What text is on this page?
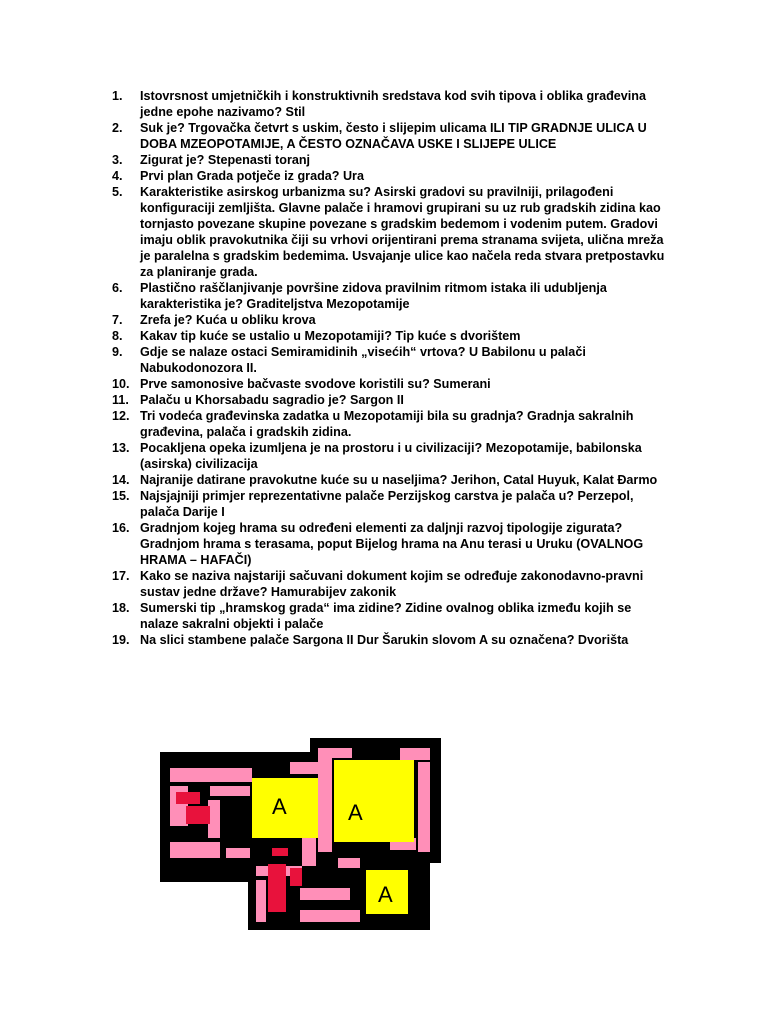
1.	Istovrsnost umjetničkih i konstruktivnih sredstava kod svih tipova i oblika građevina jedne epohe nazivamo? Stil
2.	Suk je? Trgovačka četvrt s uskim, često i slijepim ulicama ILI TIP GRADNJE ULICA U DOBA MZEOPOTAMIJE, A ČESTO OZNAČAVA USKE I SLIJEPE ULICE
3.	Zigurat je? Stepenasti toranj
4.	Prvi plan Grada potječe iz grada? Ura
5.	Karakteristike asirskog urbanizma su? Asirski gradovi su pravilniji, prilagođeni konfiguraciji zemljišta. Glavne palače i hramovi grupirani su uz rub gradskih zidina kao tornjasto povezane skupine povezane s gradskim bedemom i vodenim putem. Gradovi imaju oblik pravokutnika čiji su vrhovi orijentirani prema stranama svijeta, ulična mreža je paralelna s gradskim bedemima. Usvajanje ulice kao načela reda stvara pretpostavku za planiranje grada.
6.	Plastično raščlanjivanje površine zidova pravilnim ritmom istaka ili udubljenja karakteristika je? Graditeljstva Mezopotamije
7.	Zrefa je? Kuća u obliku krova
8.	Kakav tip kuće se ustalio u Mezopotamiji? Tip kuće s dvorištem
9.	Gdje se nalaze ostaci Semiramidinih „visećih“ vrtova? U Babilonu u palači Nabukodonozora II.
10. Prve samonosive bačvaste svodove koristili su? Sumerani
11. Palaču u Khorsabadu sagradio je? Sargon II
12. Tri vodeća građevinska zadatka u Mezopotamiji bila su gradnja? Gradnja sakralnih građevina, palača i gradskih zidina.
13. Pocakljena opeka izumljena je na prostoru i u civilizaciji? Mezopotamije, babilonska (asirska) civilizacija
14. Najranije datirane pravokutne kuće su u naseljima? Jerihon, Catal Huyuk, Kalat Đarmo
15. Najsjajniji primjer reprezentativne palače Perzijskog carstva je palača u? Perzepol, palača Darije I
16. Gradnjom kojeg hrama su određeni elementi za daljnji razvoj tipologije zigurata? Gradnjom hrama s terasama, poput Bijelog hrama na Anu terasi u Uruku (OVALNOG HRAMA – HAFAČI)
17. Kako se naziva najstariji sačuvani dokument kojim se određuje zakonodavno-pravni sustav jedne države? Hamurabijev zakonik
18. Sumerski tip „hramskog grada“ ima zidine? Zidine ovalnog oblika između kojih se nalaze sakralni objekti i palače
19. Na slici stambene palače Sargona II Dur Šarukin slovom A su označena? Dvorišta
A	A
A
